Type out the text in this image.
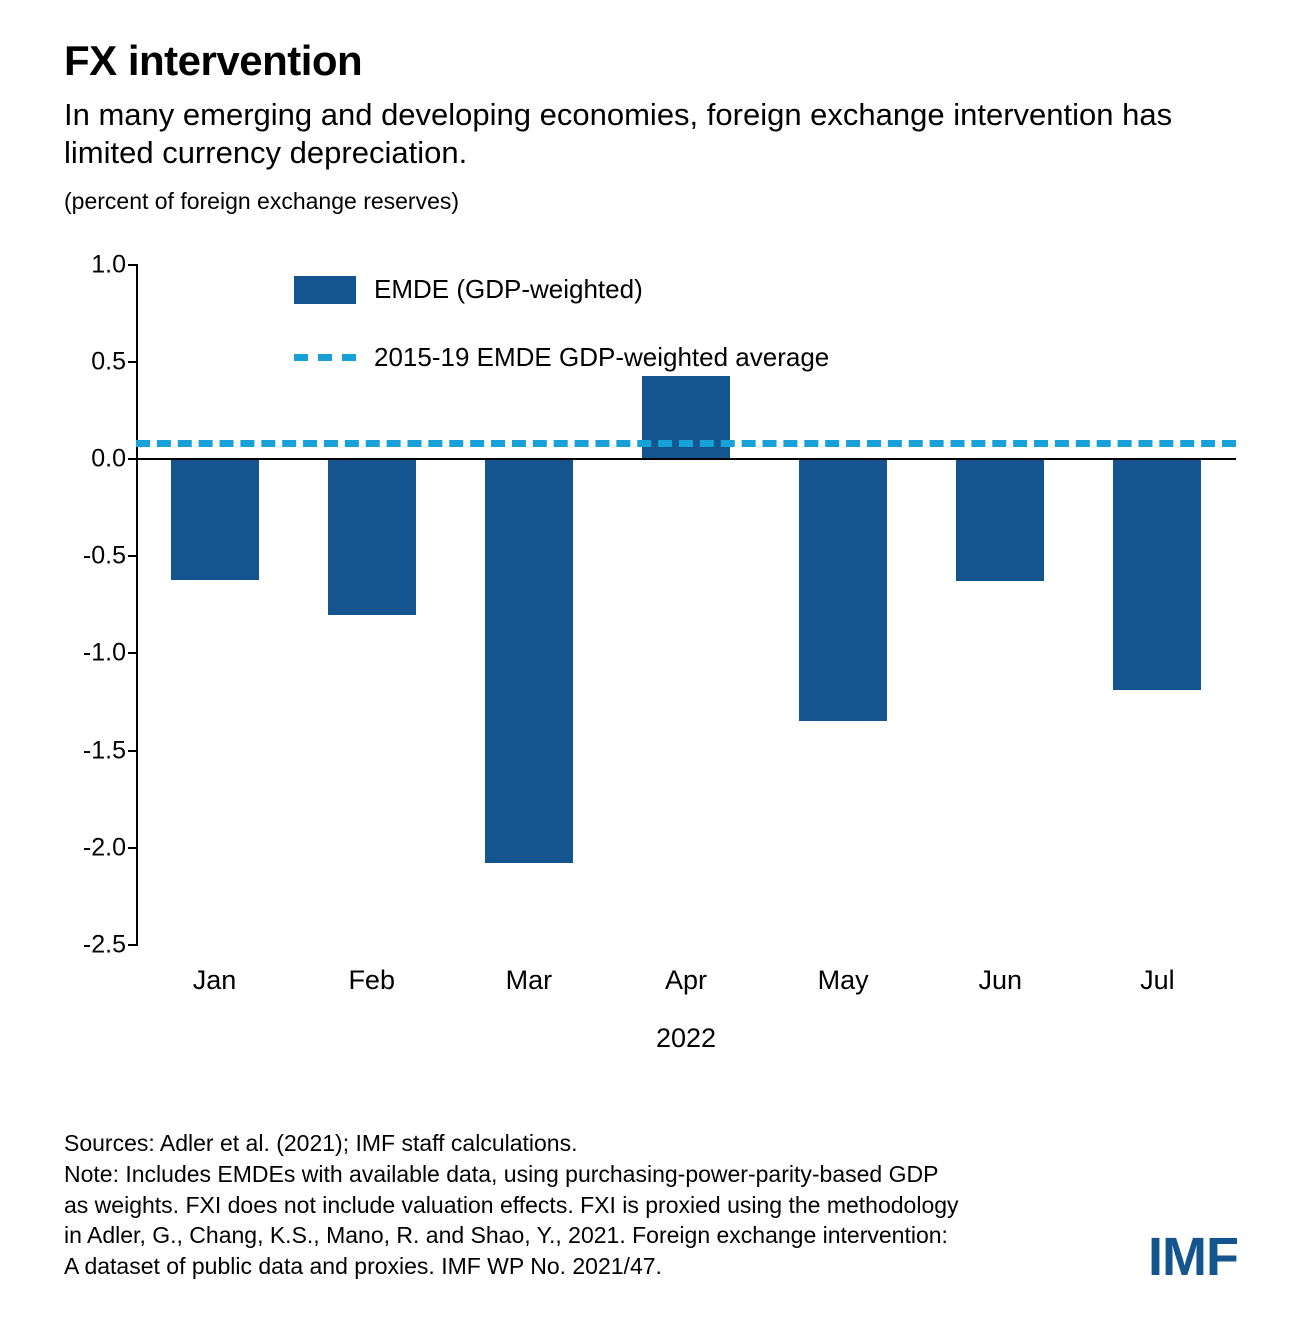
FX intervention

In many emerging and developing economies, foreign exchange intervention has limited currency depreciation.

(percent of foreign exchange reserves)

1.0
0.5
0.0
-0.5
-1.0
-1.5
-2.0
-2.5
Jan	Feb	Mar	Apr	May	Jun	Jul
EMDE (GDP-weighted)
2015-19 EMDE GDP-weighted average
2022
Sources: Adler et al. (2021); IMF staff calculations.
Note: Includes EMDEs with available data, using purchasing-power-parity-based GDP
as weights. FXI does not include valuation effects. FXI is proxied using the methodology
in Adler, G., Chang, K.S., Mano, R. and Shao, Y., 2021. Foreign exchange intervention:
A dataset of public data and proxies. IMF WP No. 2021/47.	IMF
